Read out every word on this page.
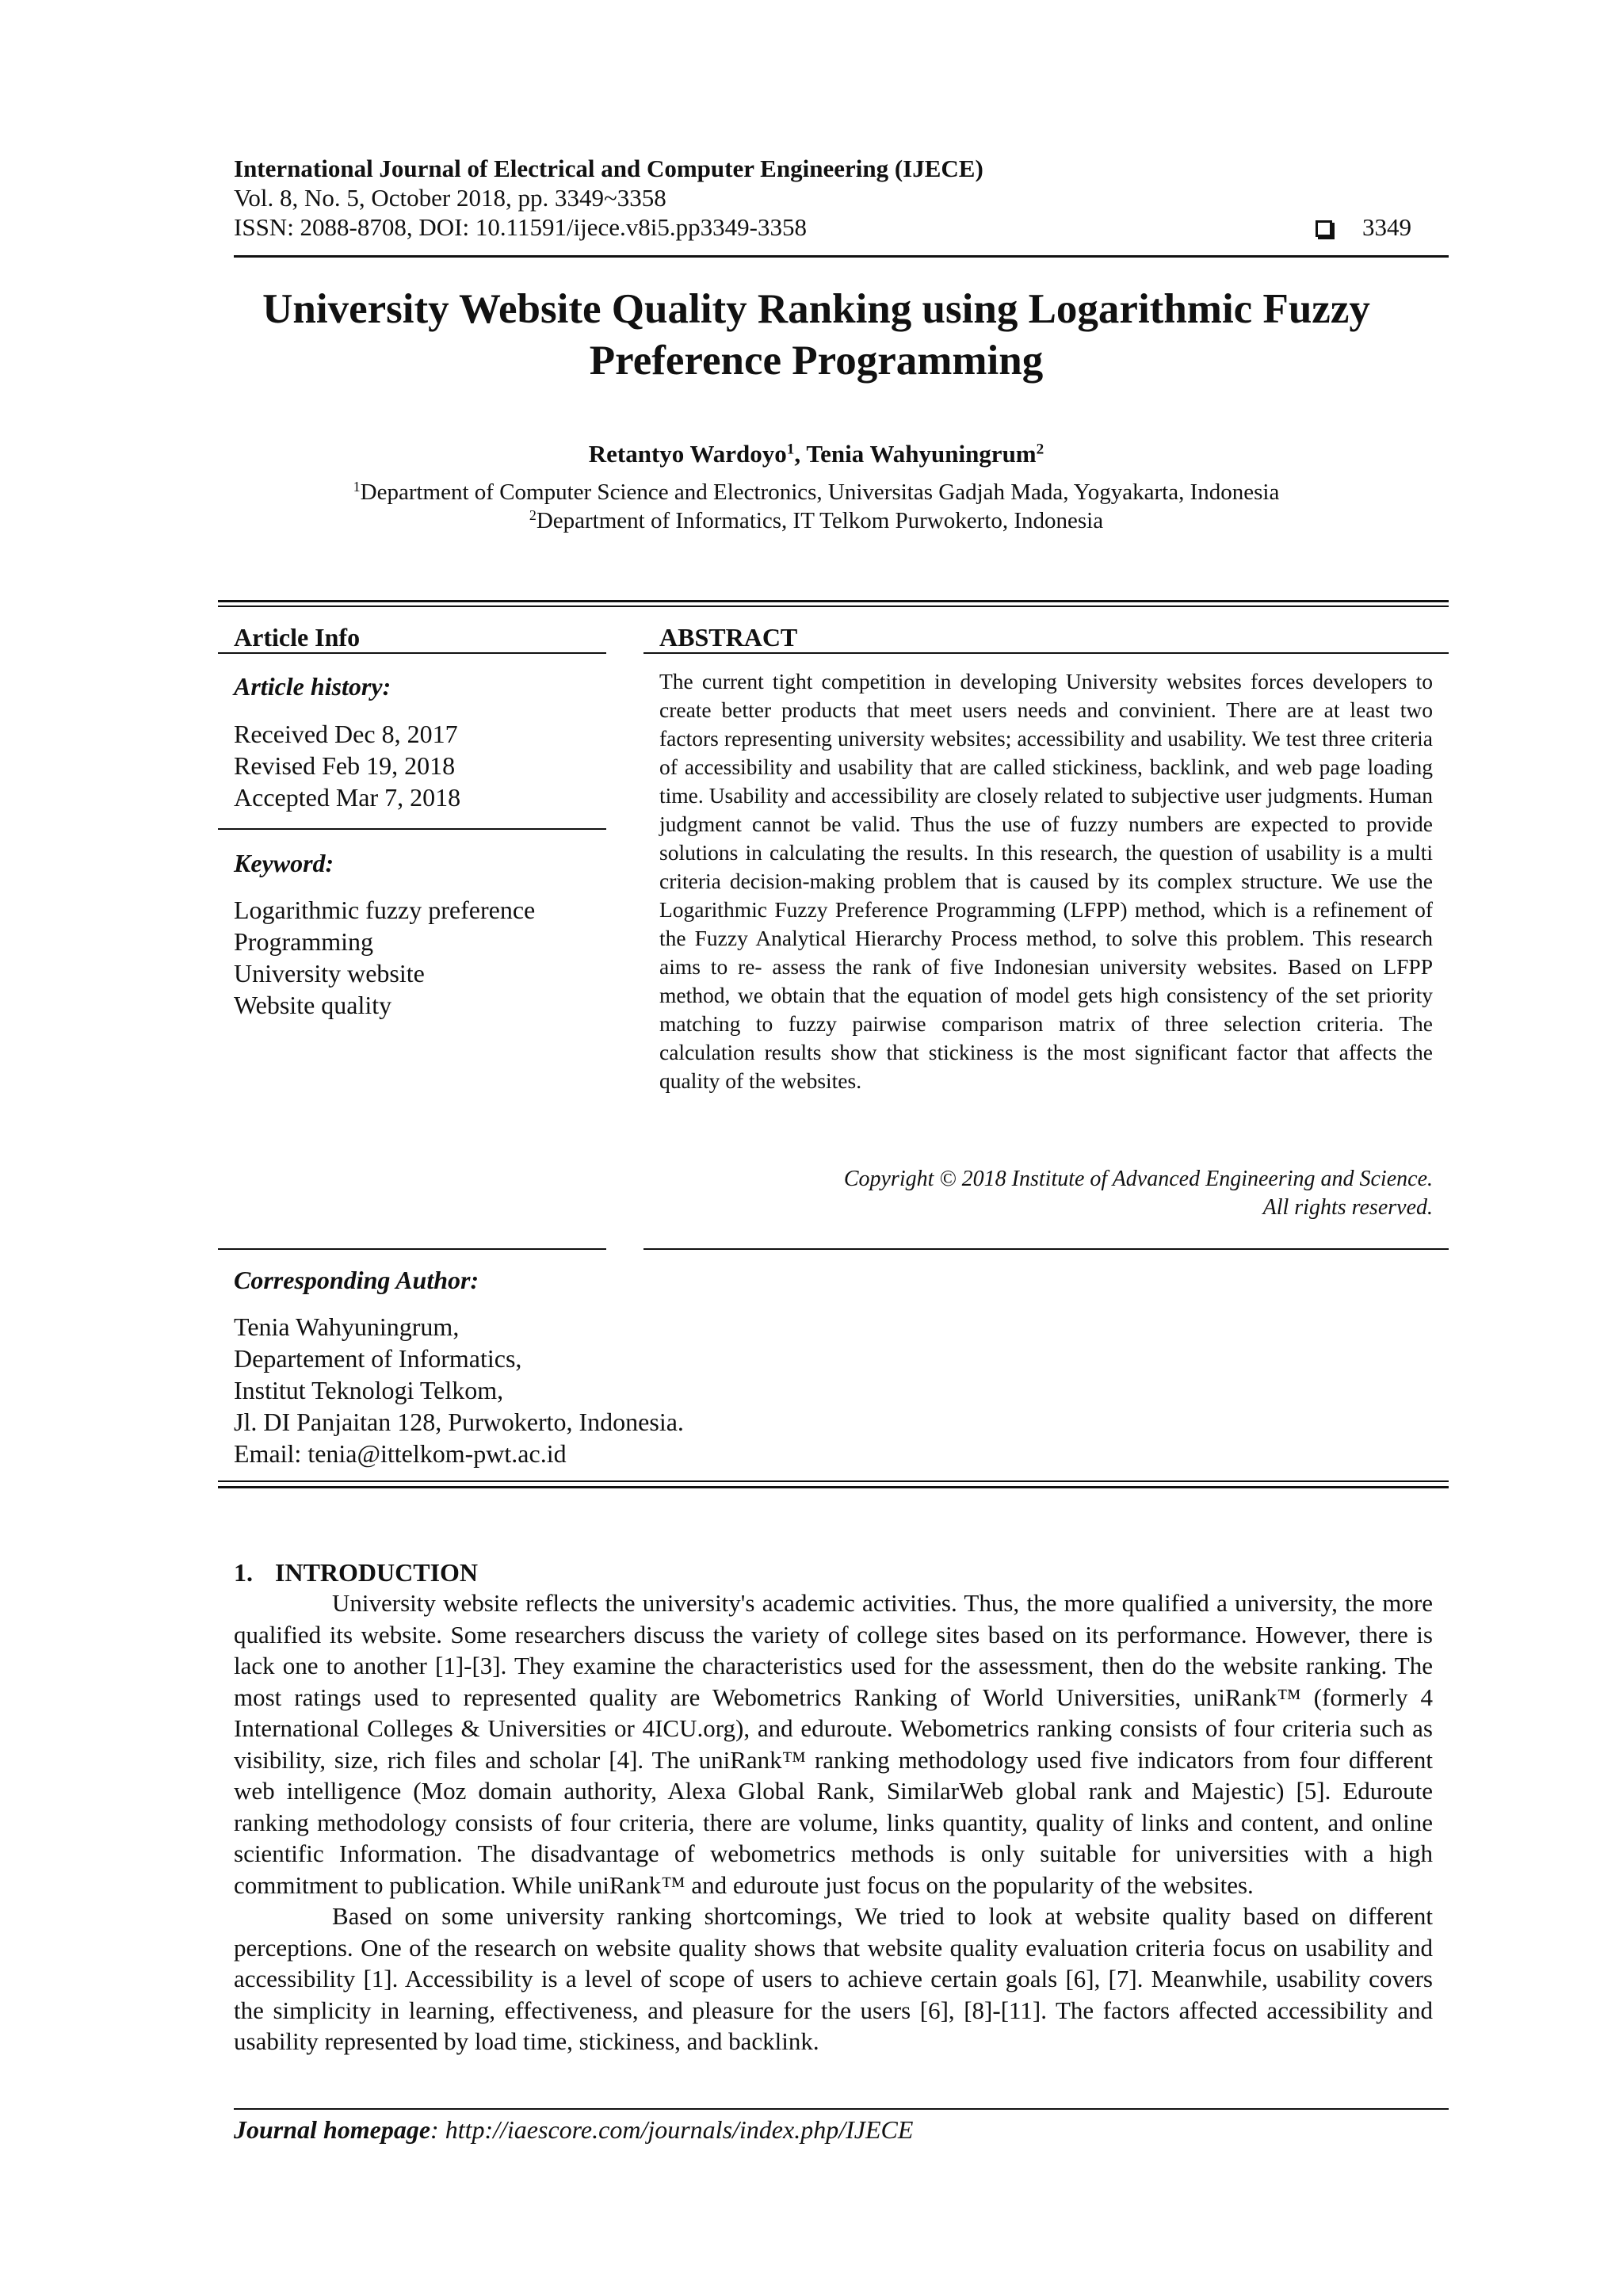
International Journal of Electrical and Computer Engineering (IJECE)
Vol. 8, No. 5, October 2018, pp. 3349~3358
ISSN: 2088-8708, DOI: 10.11591/ijece.v8i5.pp3349-3358	3349
University Website Quality Ranking using Logarithmic Fuzzy
Preference Programming
Retantyo Wardoyo$^1$, Tenia Wahyuningrum$^2$
$^1$Department of Computer Science and Electronics, Universitas Gadjah Mada, Yogyakarta, Indonesia
$^2$Department of Informatics, IT Telkom Purwokerto, Indonesia
Article Info
Article history:
Received Dec 8, 2017
Revised Feb 19, 2018
Accepted Mar 7, 2018
Keyword:
Logarithmic fuzzy preference
Programming
University website
Website quality
ABSTRACT

The current tight competition in developing University websites forces developers to create better products that meet users needs and convinient. There are at least two factors representing university websites; accessibility and usability. We test three criteria of accessibility and usability that are called stickiness, backlink, and web page loading time. Usability and accessibility are closely related to subjective user judgments. Human judgment cannot be valid. Thus the use of fuzzy numbers are expected to provide solutions in calculating the results. In this research, the question of usability is a multi criteria decision-making problem that is caused by its complex structure. We use the Logarithmic Fuzzy Preference Programming (LFPP) method, which is a refinement of the Fuzzy Analytical Hierarchy Process method, to solve this problem. This research aims to re- assess the rank of five Indonesian university websites. Based on LFPP method, we obtain that the equation of model gets high consistency of the set priority matching to fuzzy pairwise comparison matrix of three selection criteria. The calculation results show that stickiness is the most significant factor that affects the quality of the websites.

Copyright © 2018 Institute of Advanced Engineering and Science.
All rights reserved.
Corresponding Author:
Tenia Wahyuningrum,
Departement of Informatics,
Institut Teknologi Telkom,
Jl. DI Panjaitan 128, Purwokerto, Indonesia.
Email: tenia@ittelkom-pwt.ac.id
1. INTRODUCTION

University website reflects the university's academic activities. Thus, the more qualified a university, the more qualified its website. Some researchers discuss the variety of college sites based on its performance. However, there is lack one to another [1]-[3]. They examine the characteristics used for the assessment, then do the website ranking. The most ratings used to represented quality are Webometrics Ranking of World Universities, uniRank™ (formerly 4 International Colleges & Universities or 4ICU.org), and eduroute. Webometrics ranking consists of four criteria such as visibility, size, rich files and scholar [4]. The uniRank™ ranking methodology used five indicators from four different web intelligence (Moz domain authority, Alexa Global Rank, SimilarWeb global rank and Majestic) [5]. Eduroute ranking methodology consists of four criteria, there are volume, links quantity, quality of links and content, and online scientific Information. The disadvantage of webometrics methods is only suitable for universities with a high commitment to publication. While uniRank™ and eduroute just focus on the popularity of the websites.

Based on some university ranking shortcomings, We tried to look at website quality based on different perceptions. One of the research on website quality shows that website quality evaluation criteria focus on usability and accessibility [1]. Accessibility is a level of scope of users to achieve certain goals [6], [7]. Meanwhile, usability covers the simplicity in learning, effectiveness, and pleasure for the users [6], [8]-[11]. The factors affected accessibility and usability represented by load time, stickiness, and backlink.

Journal homepage: http://iaescore.com/journals/index.php/IJECE
